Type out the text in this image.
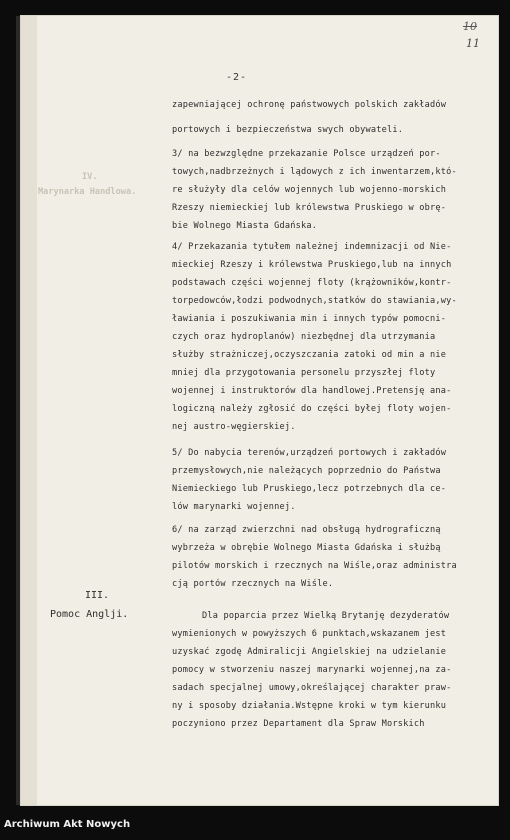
10
11
-2-
IV.
Marynarka Handlowa.
zapewniającej ochronę państwowych polskich zakładów
portowych i bezpieczeństwa swych obywateli.
3/ na bezwzględne przekazanie Polsce urządzeń por-
towych,nadbrzeżnych i lądowych z ich inwentarzem,któ-
re służyły dla celów wojennych lub wojenno-morskich
Rzeszy niemieckiej lub królewstwa Pruskiego w obrę-
bie Wolnego Miasta Gdańska.
4/ Przekazania tytułem należnej indemnizacji od Nie-
mieckiej Rzeszy i królewstwa Pruskiego,lub na innych
podstawach części wojennej floty (krążowników,kontr-
torpedowców,łodzi podwodnych,statków do stawiania,wy-
ławiania i poszukiwania min i innych typów pomocni-
czych oraz hydroplanów) niezbędnej dla utrzymania
służby strażniczej,oczyszczania zatoki od min a nie
mniej dla przygotowania personelu przyszłej floty
wojennej i instruktorów dla handlowej.Pretensję ana-
logiczną należy zgłosić do części byłej floty wojen-
nej austro-węgierskiej.
5/ Do nabycia terenów,urządzeń portowych i zakładów
przemysłowych,nie należących poprzednio do Państwa
Niemieckiego lub Pruskiego,lecz potrzebnych dla ce-
lów marynarki wojennej.
6/ na zarząd zwierzchni nad obsługą hydrograficzną
wybrzeża w obrębie Wolnego Miasta Gdańska i służbą
pilotów morskich i rzecznych na Wiśle,oraz administra
cją portów rzecznych na Wiśle.
Dla poparcia przez Wielką Brytanję dezyderatów
wymienionych w powyższych 6 punktach,wskazanem jest
uzyskać zgodę Admiralicji Angielskiej na udzielanie
pomocy w stworzeniu naszej marynarki wojennej,na za-
sadach specjalnej umowy,określającej charakter praw-
ny i sposoby działania.Wstępne kroki w tym kierunku
poczyniono przez Departament dla Spraw Morskich
III.
Pomoc Anglji.
Archiwum Akt Nowych
